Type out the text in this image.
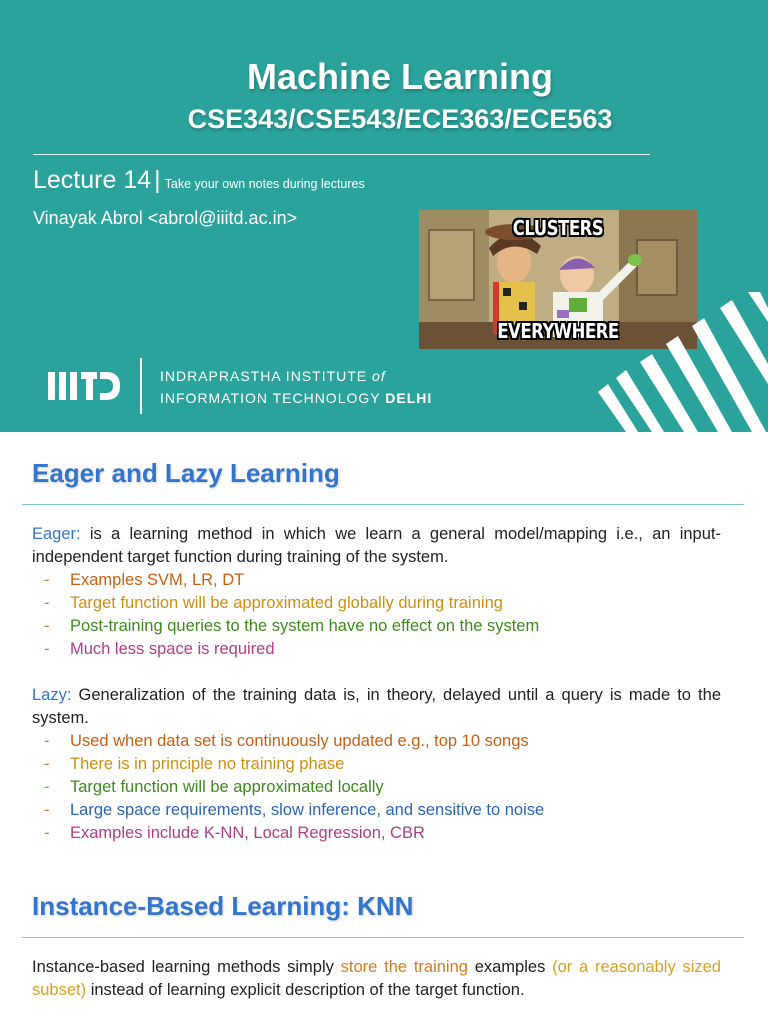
Machine Learning
CSE343/CSE543/ECE363/ECE563
Lecture 14 | Take your own notes during lectures
Vinayak Abrol <abrol@iiitd.ac.in>	CLUSTERS
EVERYWHERE
INDRAPRASTHA INSTITUTE of
INFORMATION TECHNOLOGY DELHI
Eager and Lazy Learning

Eager: is a learning method in which we learn a general model/mapping i.e., an input-independent target function during training of the system.

- Examples SVM, LR, DT
- Target function will be approximated globally during training
- Post-training queries to the system have no effect on the system
- Much less space is required

Lazy: Generalization of the training data is, in theory, delayed until a query is made to the system.

- Used when data set is continuously updated e.g., top 10 songs
- There is in principle no training phase
- Target function will be approximated locally
- Large space requirements, slow inference, and sensitive to noise
- Examples include K-NN, Local Regression, CBR
Instance-Based Learning: KNN

Instance-based learning methods simply store the training examples (or a reasonably sized subset) instead of learning explicit description of the target function.
